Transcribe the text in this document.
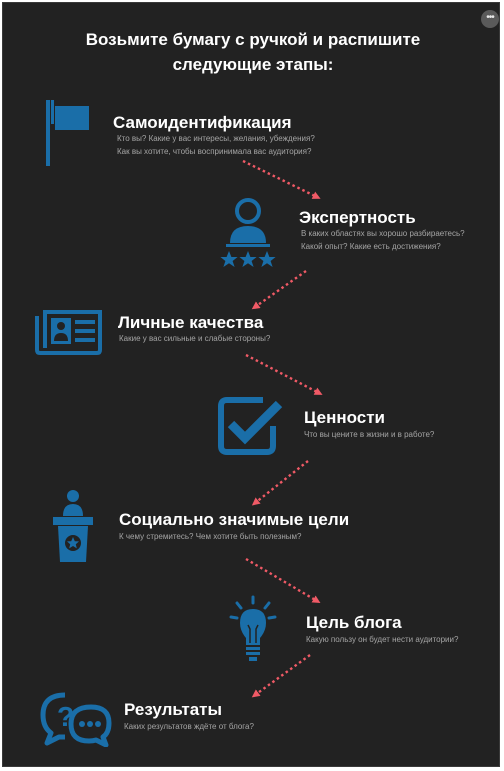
•••
Возьмите бумагу с ручкой и распишите
следующие этапы:
Самоидентификация
Кто вы? Какие у вас интересы, желания, убеждения?
Как вы хотите, чтобы воспринимала вас аудитория?
Экспертность
В каких областях вы хорошо разбираетесь?
Какой опыт? Какие есть достижения?
Личные качества
Какие у вас сильные и слабые стороны?
Ценности
Что вы цените в жизни и в работе?
Социально значимые цели
К чему стремитесь? Чем хотите быть полезным?
Цель блога
Какую пользу он будет нести аудитории?
?	Результаты
Каких результатов ждёте от блога?
